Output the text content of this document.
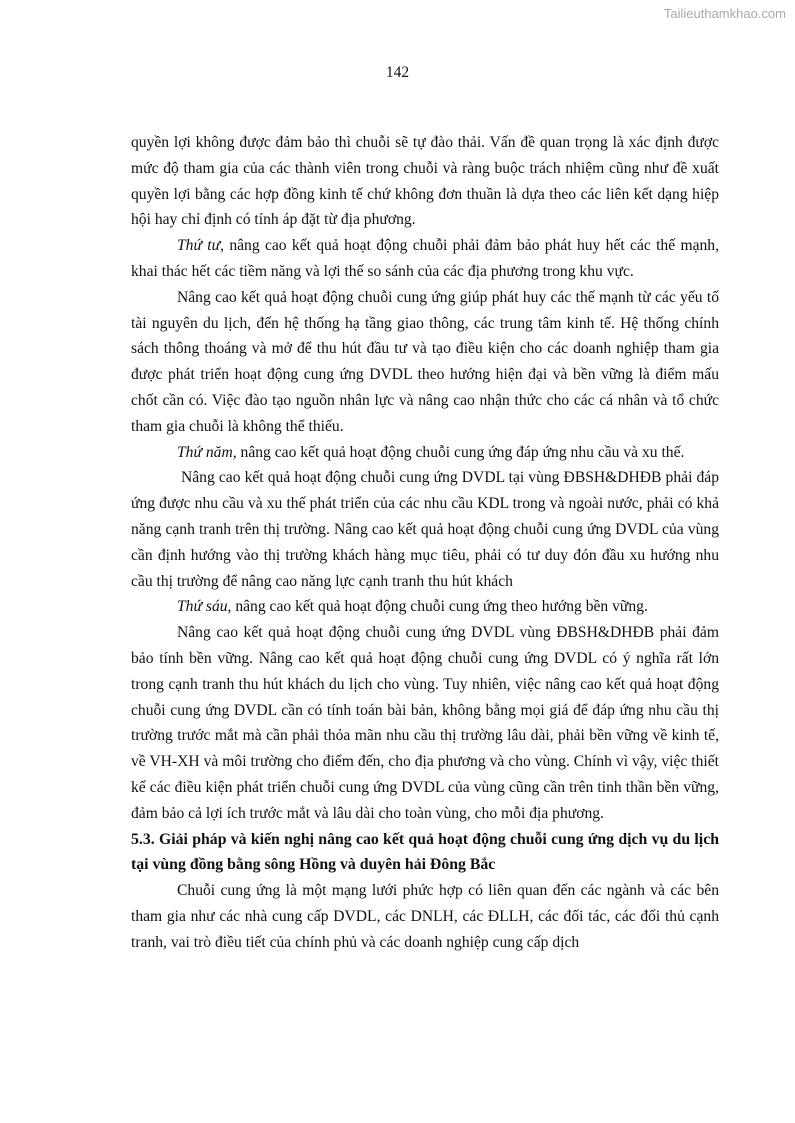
Tailieuthamkhao.com
142

quyền lợi không được đảm bảo thì chuỗi sẽ tự đào thải. Vấn đề quan trọng là xác định được mức độ tham gia của các thành viên trong chuỗi và ràng buộc trách nhiệm cũng như đề xuất quyền lợi bằng các hợp đồng kinh tế chứ không đơn thuần là dựa theo các liên kết dạng hiệp hội hay chỉ định có tính áp đặt từ địa phương.

Thứ tư, nâng cao kết quả hoạt động chuỗi phải đảm bảo phát huy hết các thế mạnh, khai thác hết các tiềm năng và lợi thế so sánh của các địa phương trong khu vực.

Nâng cao kết quả hoạt động chuỗi cung ứng giúp phát huy các thế mạnh từ các yếu tố tài nguyên du lịch, đến hệ thống hạ tầng giao thông, các trung tâm kinh tế. Hệ thống chính sách thông thoáng và mở để thu hút đầu tư và tạo điều kiện cho các doanh nghiệp tham gia được phát triển hoạt động cung ứng DVDL theo hướng hiện đại và bền vững là điểm mấu chốt cần có. Việc đào tạo nguồn nhân lực và nâng cao nhận thức cho các cá nhân và tổ chức tham gia chuỗi là không thể thiếu.

Thứ năm, nâng cao kết quả hoạt động chuỗi cung ứng đáp ứng nhu cầu và xu thế.

Nâng cao kết quả hoạt động chuỗi cung ứng DVDL tại vùng ĐBSH&DHĐB phải đáp ứng được nhu cầu và xu thế phát triển của các nhu cầu KDL trong và ngoài nước, phải có khả năng cạnh tranh trên thị trường. Nâng cao kết quả hoạt động chuỗi cung ứng DVDL của vùng cần định hướng vào thị trường khách hàng mục tiêu, phải có tư duy đón đầu xu hướng nhu cầu thị trường để nâng cao năng lực cạnh tranh thu hút khách

Thứ sáu, nâng cao kết quả hoạt động chuỗi cung ứng theo hướng bền vững.

Nâng cao kết quả hoạt động chuỗi cung ứng DVDL vùng ĐBSH&DHĐB phải đảm bảo tính bền vững. Nâng cao kết quả hoạt động chuỗi cung ứng DVDL có ý nghĩa rất lớn trong cạnh tranh thu hút khách du lịch cho vùng. Tuy nhiên, việc nâng cao kết quả hoạt động chuỗi cung ứng DVDL cần có tính toán bài bản, không bằng mọi giá để đáp ứng nhu cầu thị trường trước mắt mà cần phải thỏa mãn nhu cầu thị trường lâu dài, phải bền vững về kinh tế, về VH-XH và môi trường cho điểm đến, cho địa phương và cho vùng. Chính vì vậy, việc thiết kế các điều kiện phát triển chuỗi cung ứng DVDL của vùng cũng cần trên tinh thần bền vững, đảm bảo cả lợi ích trước mắt và lâu dài cho toàn vùng, cho mỗi địa phương.

5.3. Giải pháp và kiến nghị nâng cao kết quả hoạt động chuỗi cung ứng dịch vụ du lịch tại vùng đồng bằng sông Hồng và duyên hải Đông Bắc

Chuỗi cung ứng là một mạng lưới phức hợp có liên quan đến các ngành và các bên tham gia như các nhà cung cấp DVDL, các DNLH, các ĐLLH, các đối tác, các đối thủ cạnh tranh, vai trò điều tiết của chính phủ và các doanh nghiệp cung cấp dịch
